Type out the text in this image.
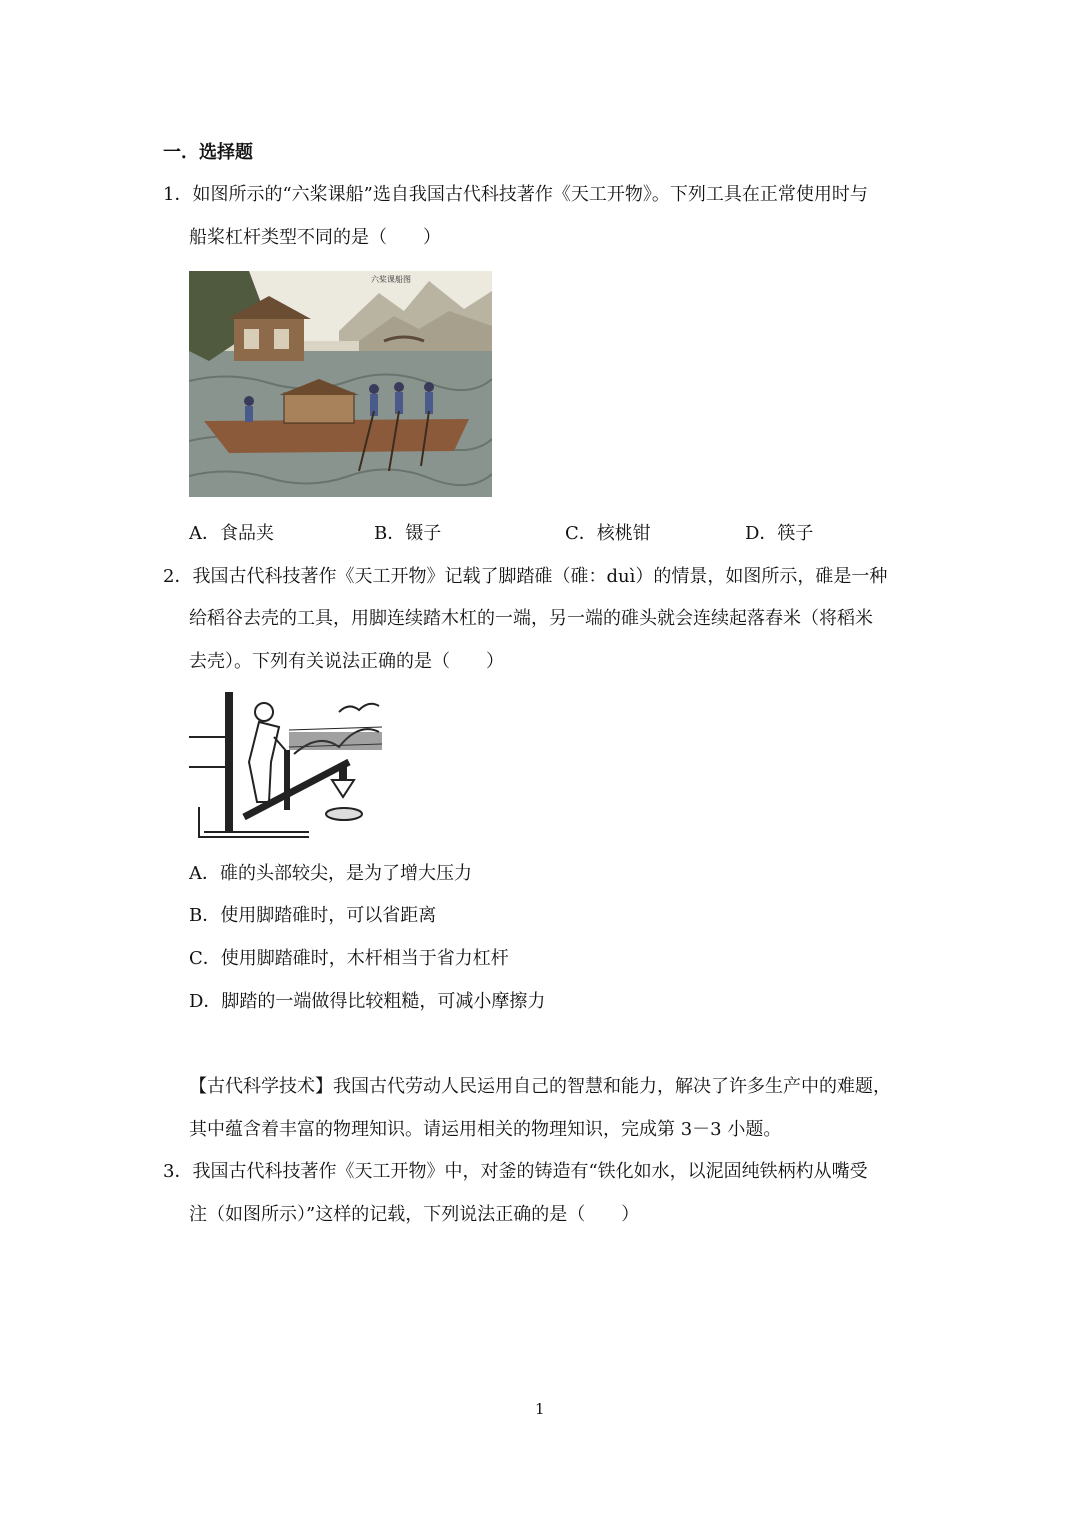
一．选择题
1．如图所示的“六桨课船”选自我国古代科技著作《天工开物》。下列工具在正常使用时与
船桨杠杆类型不同的是（　　）
六桨课船图
A．食品夹	B．镊子	C．核桃钳	D．筷子
2．我国古代科技著作《天工开物》记载了脚踏碓（碓：duì）的情景，如图所示，碓是一种
给稻谷去壳的工具，用脚连续踏木杠的一端，另一端的碓头就会连续起落舂米（将稻米
去壳）。下列有关说法正确的是（　　）
A．碓的头部较尖，是为了增大压力
B．使用脚踏碓时，可以省距离
C．使用脚踏碓时，木杆相当于省力杠杆
D．脚踏的一端做得比较粗糙，可减小摩擦力
【古代科学技术】我国古代劳动人民运用自己的智慧和能力，解决了许多生产中的难题，
其中蕴含着丰富的物理知识。请运用相关的物理知识，完成第 3－3 小题。
3．我国古代科技著作《天工开物》中，对釜的铸造有“铁化如水，以泥固纯铁柄杓从嘴受
注（如图所示）”这样的记载，下列说法正确的是（　　）
1
